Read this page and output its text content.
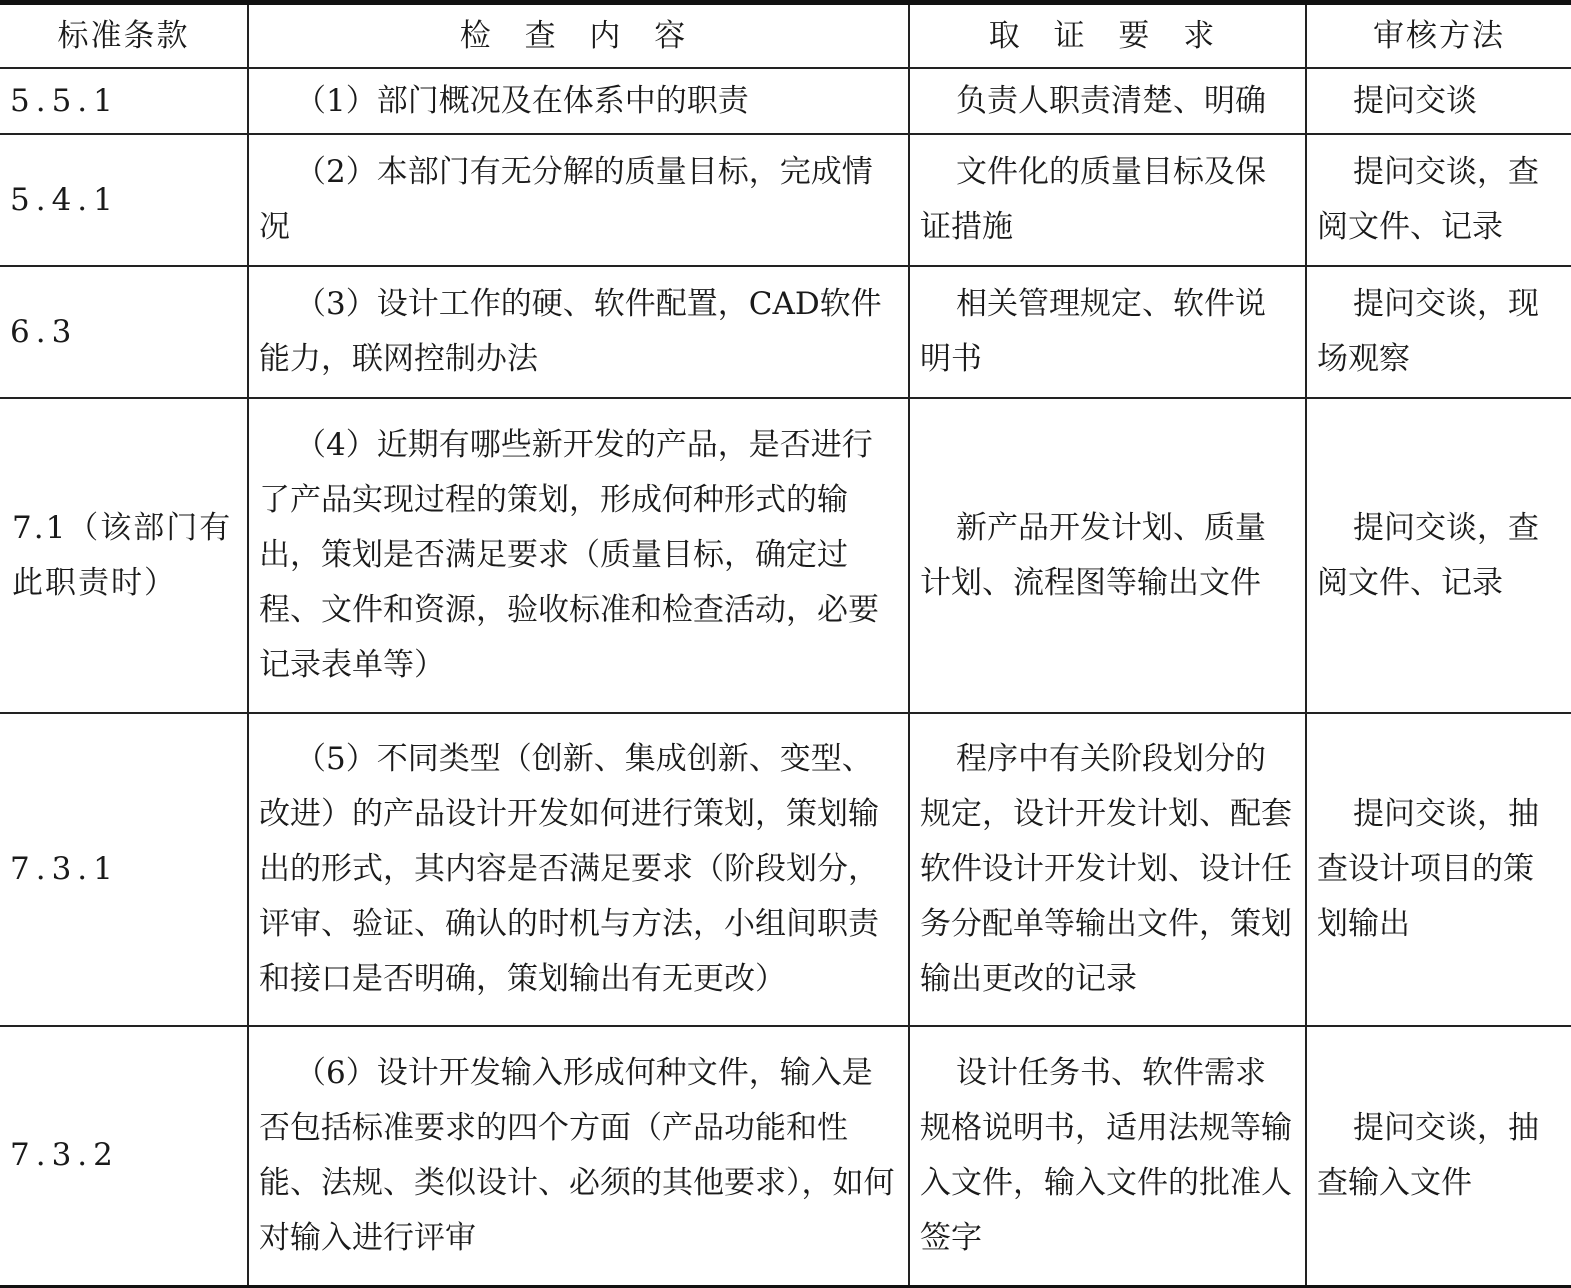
标准条款	检 查 内 容	取 证 要 求	审核方法
5.5.1	（1）部门概况及在体系中的职责	负责人职责清楚、明确	提问交谈
5.4.1	（2）本部门有无分解的质量目标，完成情况	文件化的质量目标及保证措施	提问交谈，查阅文件、记录
6.3	（3）设计工作的硬、软件配置，CAD软件能力，联网控制办法	相关管理规定、软件说明书	提问交谈，现场观察
7.1（该部门有此职责时）	（4）近期有哪些新开发的产品，是否进行了产品实现过程的策划，形成何种形式的输出，策划是否满足要求（质量目标，确定过程、文件和资源，验收标准和检查活动，必要记录表单等）	新产品开发计划、质量计划、流程图等输出文件	提问交谈，查阅文件、记录
7.3.1	（5）不同类型（创新、集成创新、变型、改进）的产品设计开发如何进行策划，策划输出的形式，其内容是否满足要求（阶段划分，评审、验证、确认的时机与方法，小组间职责和接口是否明确，策划输出有无更改）	程序中有关阶段划分的规定，设计开发计划、配套软件设计开发计划、设计任务分配单等输出文件，策划输出更改的记录	提问交谈，抽查设计项目的策划输出
7.3.2	（6）设计开发输入形成何种文件，输入是否包括标准要求的四个方面（产品功能和性能、法规、类似设计、必须的其他要求），如何对输入进行评审	设计任务书、软件需求规格说明书，适用法规等输入文件，输入文件的批准人签字	提问交谈，抽查输入文件
